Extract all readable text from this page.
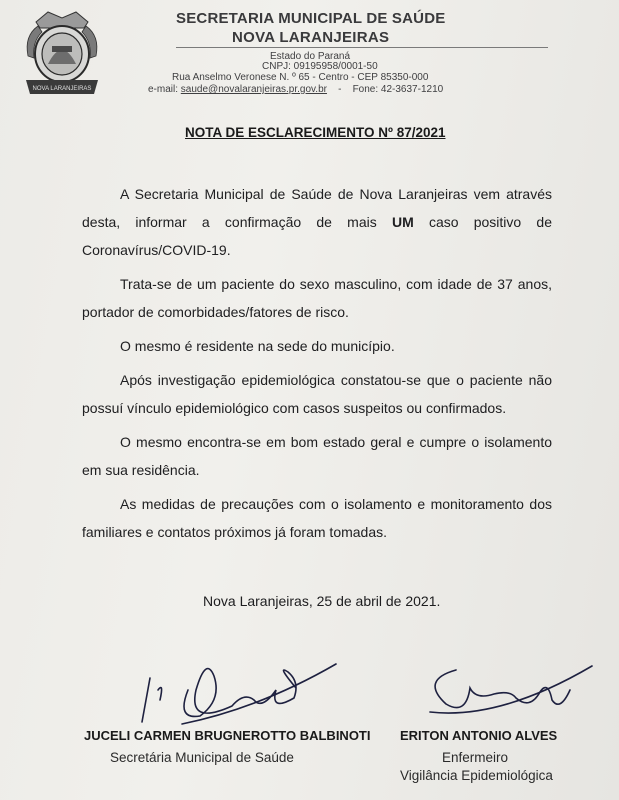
NOVA LARANJEIRAS
SECRETARIA MUNICIPAL DE SAÚDE
NOVA LARANJEIRAS
Estado do Paraná
CNPJ: 09195958/0001-50
Rua Anselmo Veronese N. º 65 - Centro - CEP 85350-000
e-mail: saude@novalaranjeiras.pr.gov.br - Fone: 42-3637-1210
NOTA DE ESCLARECIMENTO Nº 87/2021

A Secretaria Municipal de Saúde de Nova Laranjeiras vem através desta, informar a confirmação de mais UM caso positivo de Coronavírus/COVID-19.

Trata-se de um paciente do sexo masculino, com idade de 37 anos, portador de comorbidades/fatores de risco.

O mesmo é residente na sede do município.

Após investigação epidemiológica constatou-se que o paciente não possuí vínculo epidemiológico com casos suspeitos ou confirmados.

O mesmo encontra-se em bom estado geral e cumpre o isolamento em sua residência.

As medidas de precauções com o isolamento e monitoramento dos familiares e contatos próximos já foram tomadas.

Nova Laranjeiras, 25 de abril de 2021.
JUCELI CARMEN BRUGNEROTTO BALBINOTI
Secretária Municipal de Saúde
ERITON ANTONIO ALVES
Enfermeiro
Vigilância Epidemiológica
